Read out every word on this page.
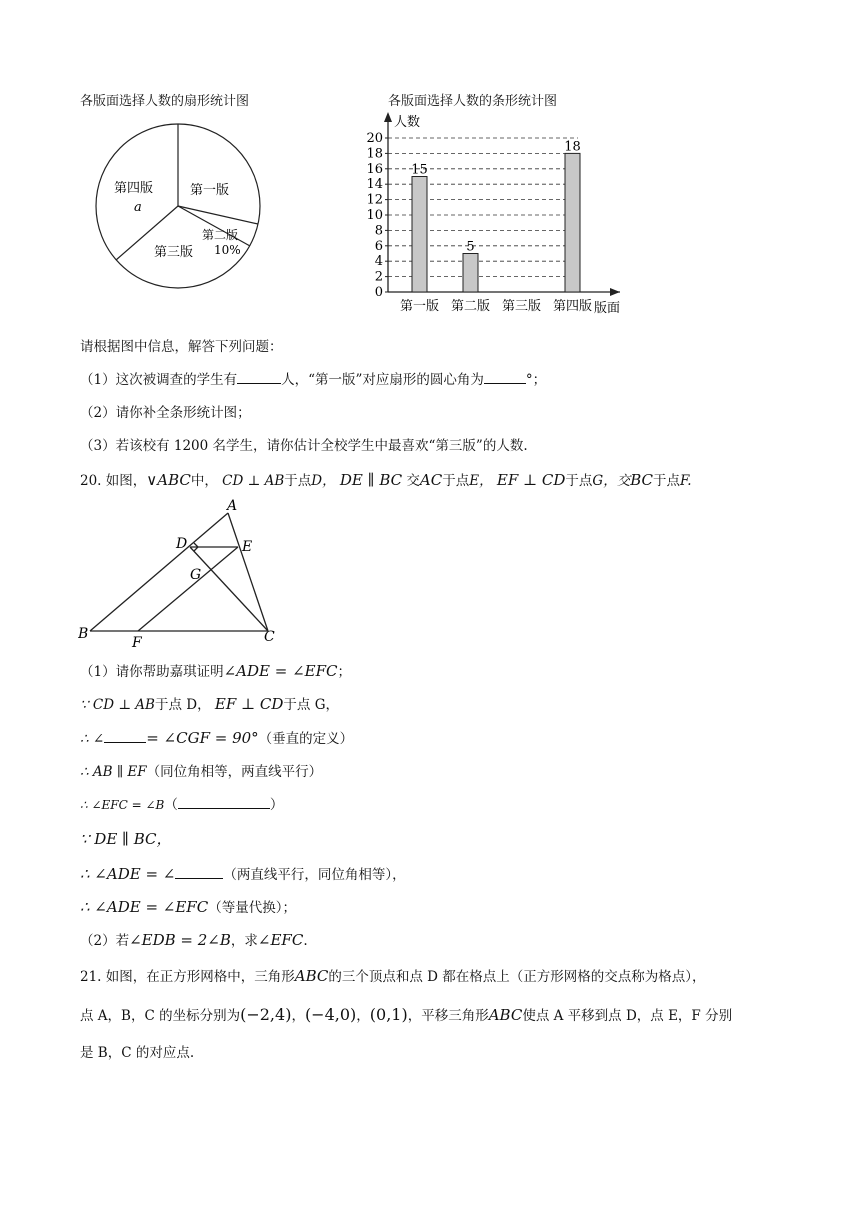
各版面选择人数的扇形统计图
第一版
第二版
10%
第三版
第四版
a
各版面选择人数的条形统计图
0
2
4
6
8
10
12
14
16
18
20
15
第一版
5
第二版 第三版
18
第四版
人数
版面
请根据图中信息，解答下列问题：
（1）这次被调查的学生有	人，“第一版”对应扇形的圆心角为	°；
（2）请你补全条形统计图；
（3）若该校有 1200 名学生，请你估计全校学生中最喜欢“第三版”的人数.
20. 如图，∨ABC中， CD ⊥ AB于点D， DE ∥ BC 交AC于点E， EF ⊥ CD于点G，交BC于点F.
A
D	E
G
B
F	C
（1）请你帮助嘉琪证明∠ADE = ∠EFC；
∵ CD ⊥ AB于点 D， EF ⊥ CD于点 G，
∴ ∠	= ∠CGF = 90°（垂直的定义）
∴ AB ∥ EF（同位角相等，两直线平行）
∴ ∠EFC = ∠B（	）
∵ DE ∥ BC，
∴ ∠ADE = ∠	（两直线平行，同位角相等），
∴ ∠ADE = ∠EFC（等量代换）；
（2）若∠EDB = 2∠B，求∠EFC.
21. 如图，在正方形网格中，三角形ABC的三个顶点和点 D 都在格点上（正方形网格的交点称为格点），
点 A，B，C 的坐标分别为(−2,4)，(−4,0)，(0,1)，平移三角形ABC使点 A 平移到点 D，点 E，F 分别
是 B，C 的对应点.
